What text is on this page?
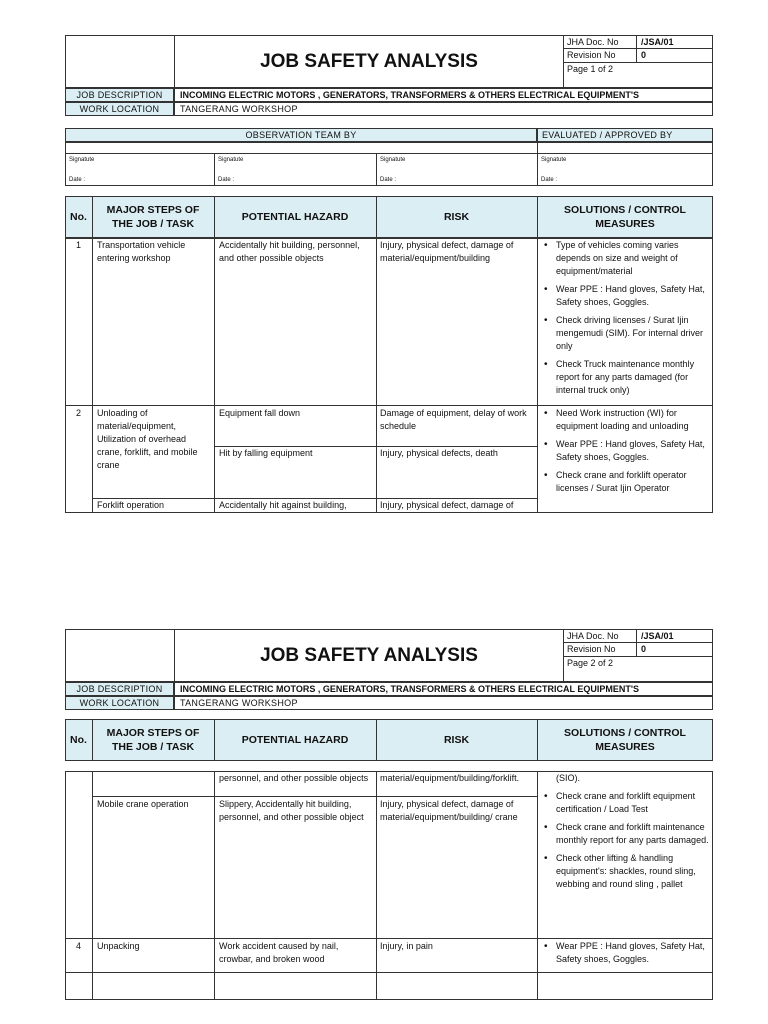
JOB SAFETY ANALYSIS
JHA Doc. No	/JSA/01
Revision No	0
Page 1 of 2
JOB DESCRIPTION	INCOMING ELECTRIC MOTORS , GENERATORS, TRANSFORMERS & OTHERS ELECTRICAL EQUIPMENT'S
WORK LOCATION	TANGERANG WORKSHOP
OBSERVATION TEAM BY	EVALUATED / APPROVED BY
Signatute	Signatute	Signatute	Signatute
Date :	Date :	Date :	Date :
No.
MAJOR STEPS OF THE JOB / TASK
POTENTIAL HAZARD	RISK
SOLUTIONS / CONTROL MEASURES
1	Transportation vehicle entering workshop
Accidentally hit building, personnel, and other possible objects
Injury, physical defect, damage of material/equipment/building
• Type of vehicles coming varies depends on size and weight of equipment/material
• Wear PPE : Hand gloves, Safety Hat, Safety shoes, Goggles.
• Check driving licenses / Surat Ijin mengemudi (SIM). For internal driver only
• Check Truck maintenance monthly report for any parts damaged (for internal truck only)
2	Unloading of material/equipment, Utilization of overhead crane, forklift, and mobile crane
Equipment fall down	Damage of equipment, delay of work schedule
Hit by falling equipment	Injury, physical defects, death
Forklift operation	Accidentally hit against building,	Injury, physical defect, damage of
• Need Work instruction (WI) for equipment loading and unloading
• Wear PPE : Hand gloves, Safety Hat, Safety shoes, Goggles.
• Check crane and forklift operator licenses / Surat Ijin Operator
JOB SAFETY ANALYSIS
JHA Doc. No	/JSA/01
Revision No	0
Page 2 of 2
JOB DESCRIPTION	INCOMING ELECTRIC MOTORS , GENERATORS, TRANSFORMERS & OTHERS ELECTRICAL EQUIPMENT'S
WORK LOCATION	TANGERANG WORKSHOP
No.
MAJOR STEPS OF THE JOB / TASK
POTENTIAL HAZARD	RISK
SOLUTIONS / CONTROL MEASURES
personnel, and other possible objects material/equipment/building/forklift.
Mobile crane operation	Slippery, Accidentally hit building, personnel, and other possible object
Injury, physical defect, damage of material/equipment/building/ crane
(SIO).
• Check crane and forklift equipment certification / Load Test
• Check crane and forklift maintenance monthly report for any parts damaged.
• Check other lifting & handling equipment's: shackles, round sling, webbing and round sling , pallet
4	Unpacking	Work accident caused by nail, crowbar, and broken wood
Injury, in pain
•	Wear PPE : Hand gloves, Safety Hat, Safety shoes, Goggles.
